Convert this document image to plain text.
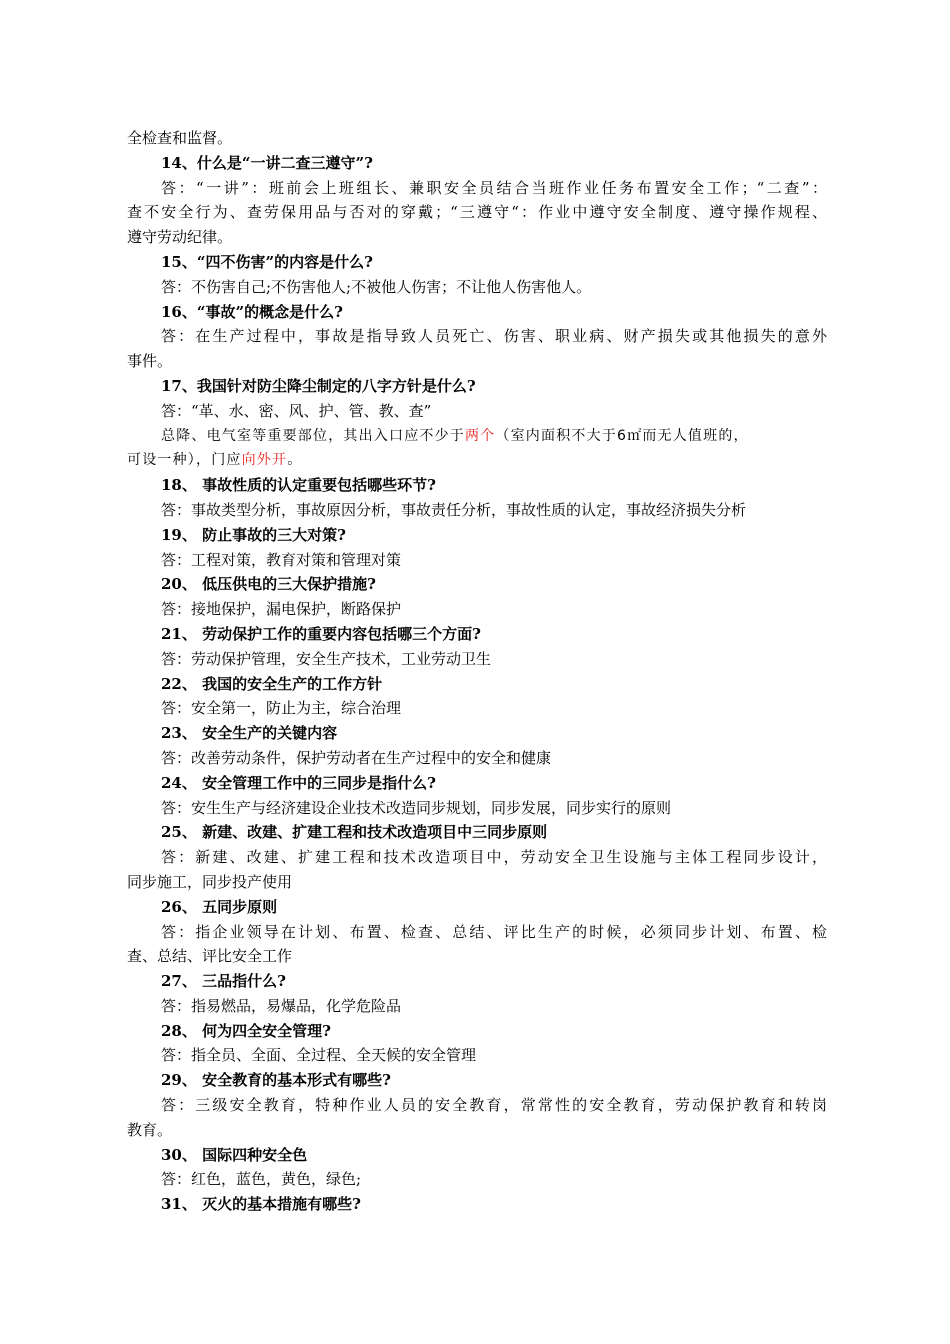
全检查和监督。
14、什么是“一讲二查三遵守”?
答：“一讲”：班前会上班组长、兼职安全员结合当班作业任务布置安全工作；“二查”：
查不安全行为、查劳保用品与否对的穿戴；“三遵守“：作业中遵守安全制度、遵守操作规程、
遵守劳动纪律。
15、“四不伤害”的内容是什么?
答：不伤害自己;不伤害他人;不被他人伤害；不让他人伤害他人。
16、“事故”的概念是什么?
答：在生产过程中，事故是指导致人员死亡、伤害、职业病、财产损失或其他损失的意外
事件。
17、我国针对防尘降尘制定的八字方针是什么?
答：“革、水、密、风、护、管、教、查”
总降、电气室等重要部位，其出入口应不少于两个（室内面积不大于6㎡而无人值班的，
可设一种），门应向外开。
18、 事故性质的认定重要包括哪些环节?
答：事故类型分析，事故原因分析，事故责任分析，事故性质的认定，事故经济损失分析
19、 防止事故的三大对策?
答：工程对策，教育对策和管理对策
20、 低压供电的三大保护措施?
答：接地保护，漏电保护，断路保护
21、 劳动保护工作的重要内容包括哪三个方面?
答：劳动保护管理，安全生产技术，工业劳动卫生
22、 我国的安全生产的工作方针
答：安全第一，防止为主，综合治理
23、 安全生产的关键内容
答：改善劳动条件，保护劳动者在生产过程中的安全和健康
24、 安全管理工作中的三同步是指什么?
答：安生生产与经济建设企业技术改造同步规划，同步发展，同步实行的原则
25、 新建、改建、扩建工程和技术改造项目中三同步原则
答：新建、改建、扩建工程和技术改造项目中，劳动安全卫生设施与主体工程同步设计，
同步施工，同步投产使用
26、 五同步原则
答：指企业领导在计划、布置、检查、总结、评比生产的时候，必须同步计划、布置、检
查、总结、评比安全工作
27、 三品指什么?
答：指易燃品，易爆品，化学危险品
28、 何为四全安全管理?
答：指全员、全面、全过程、全天候的安全管理
29、 安全教育的基本形式有哪些?
答：三级安全教育，特种作业人员的安全教育，常常性的安全教育，劳动保护教育和转岗
教育。
30、 国际四种安全色
答：红色，蓝色，黄色，绿色;
31、 灭火的基本措施有哪些?
